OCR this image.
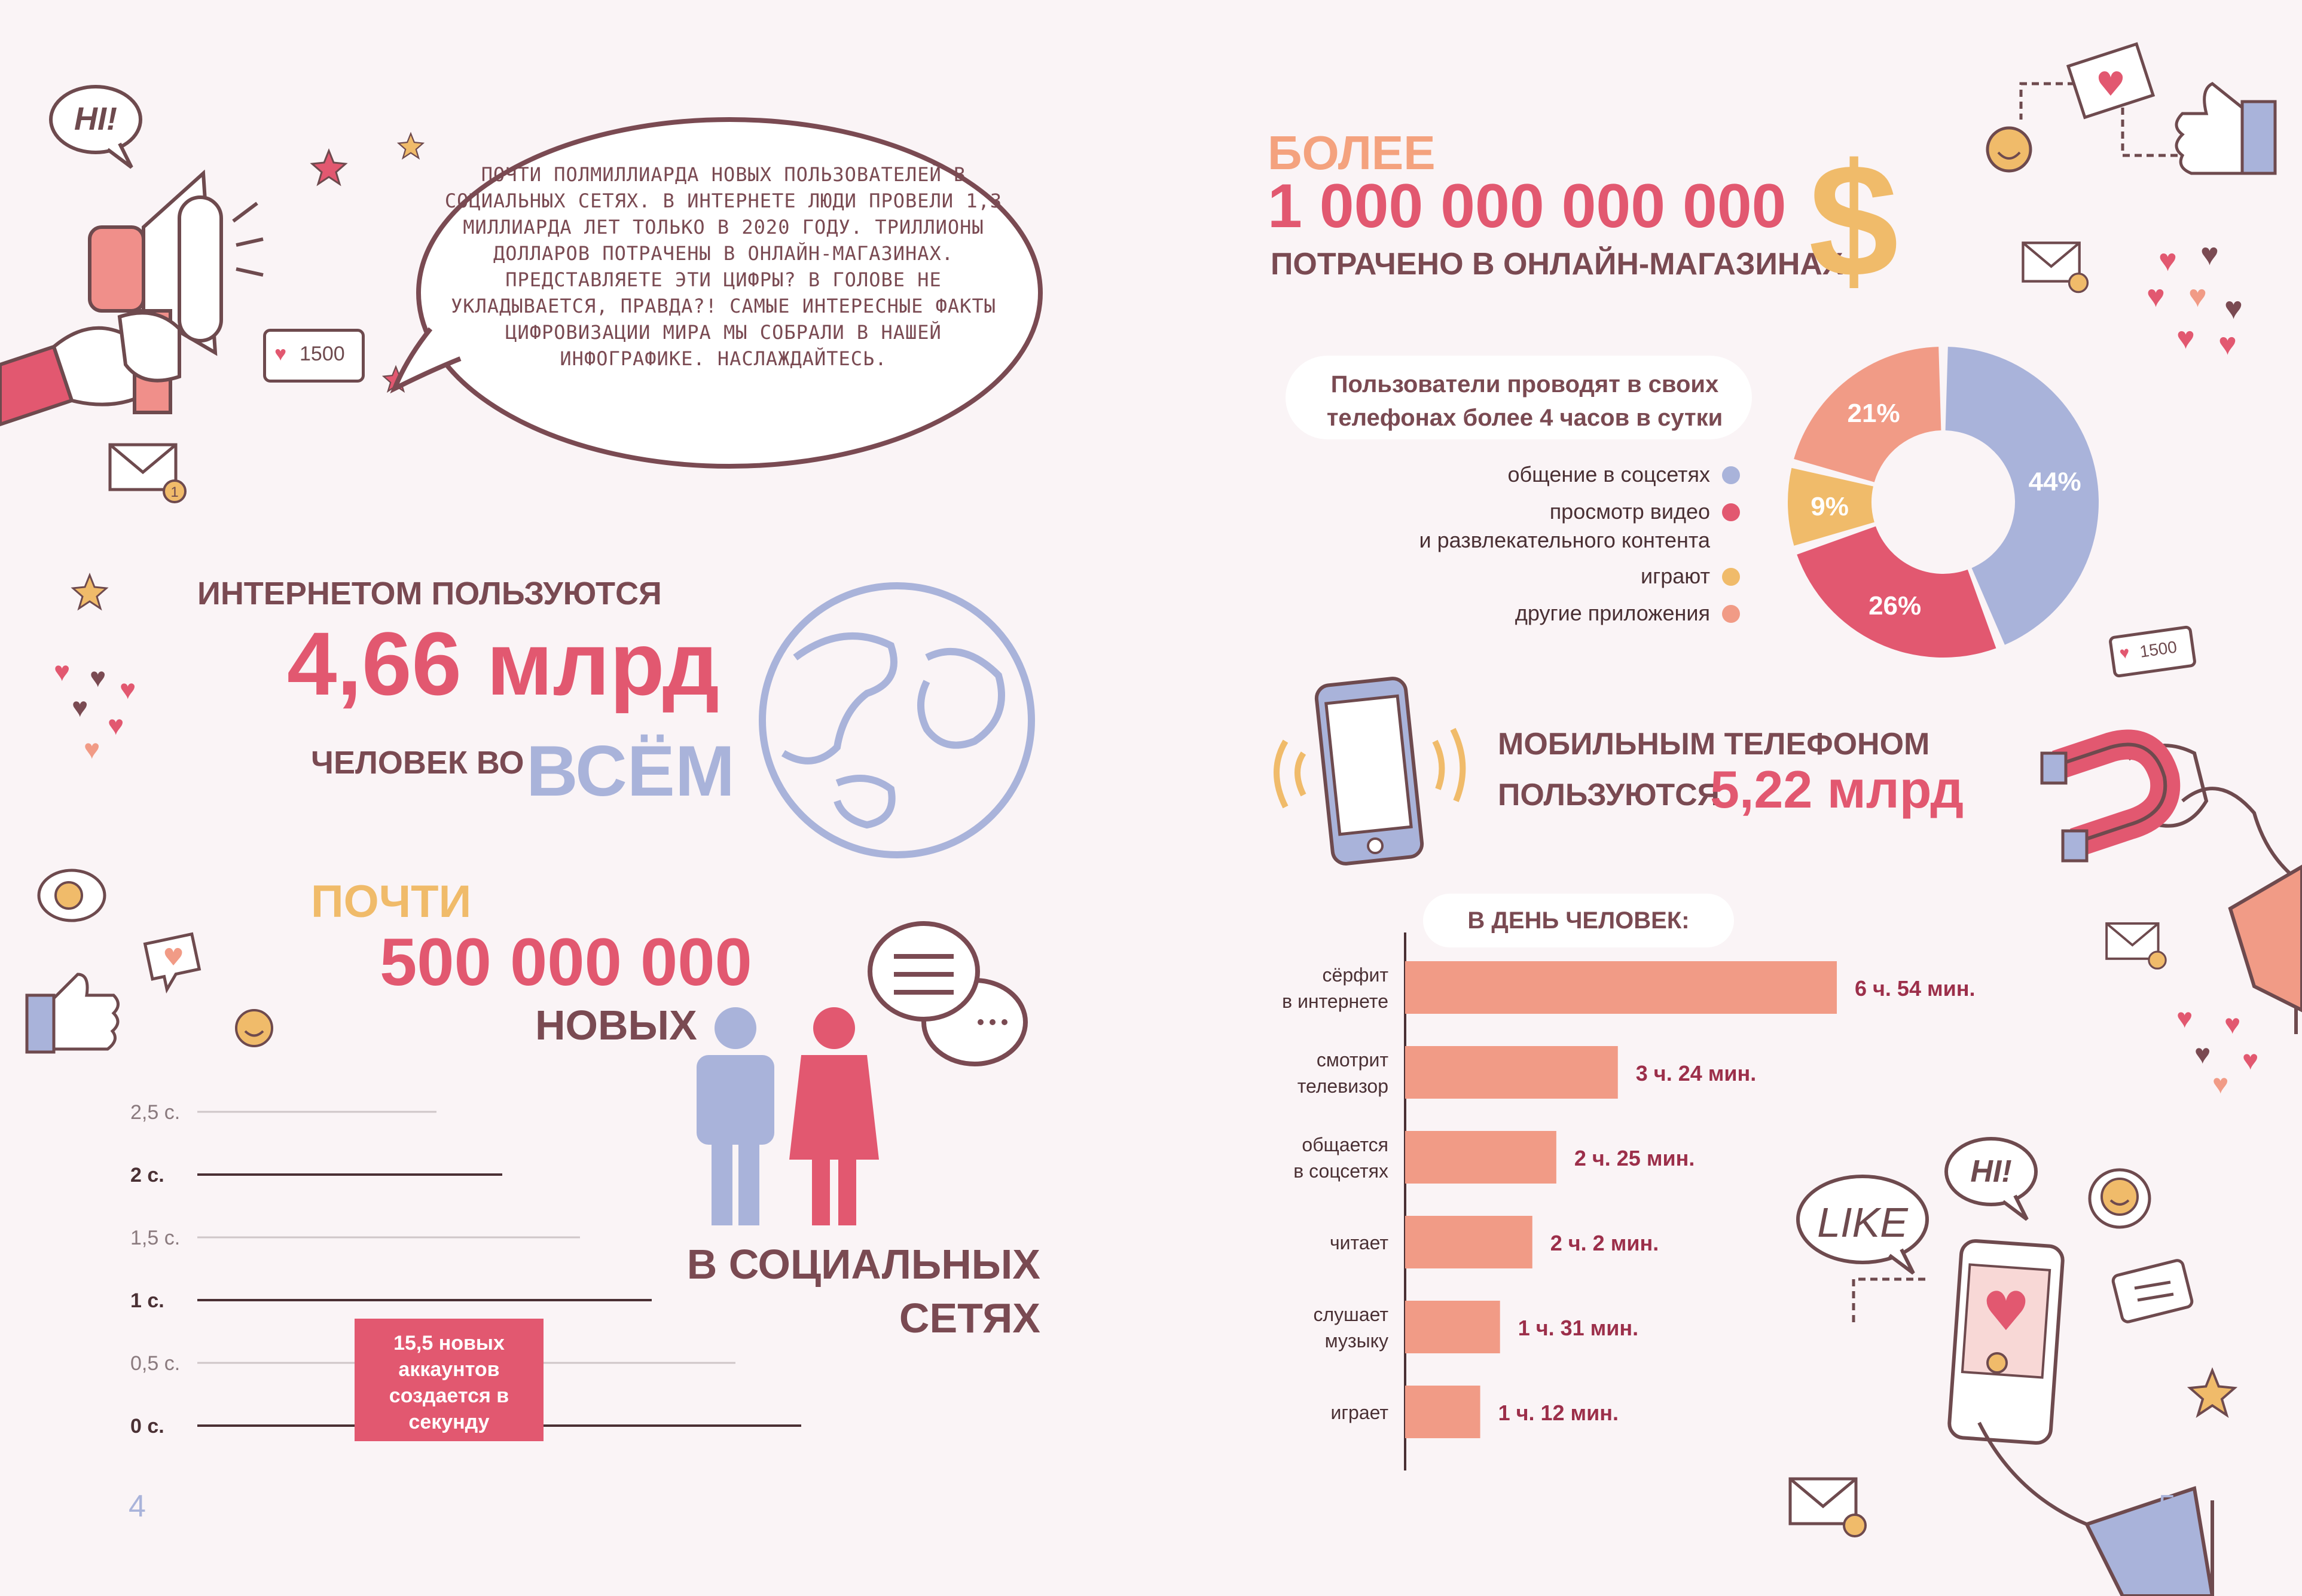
HI!
♥ 1500
1
ПОЧТИ ПОЛМИЛЛИАРДА НОВЫХ ПОЛЬЗОВАТЕЛЕЙ В СОЦИАЛЬНЫХ СЕТЯХ. В ИНТЕРНЕТЕ ЛЮДИ ПРОВЕЛИ 1,3 МИЛЛИАРДА ЛЕТ ТОЛЬКО В 2020 ГОДУ. ТРИЛЛИОНЫ ДОЛЛАРОВ ПОТРАЧЕНЫ В ОНЛАЙН-МАГАЗИНАХ. ПРЕДСТАВЛЯЕТЕ ЭТИ ЦИФРЫ? В ГОЛОВЕ НЕ УКЛАДЫВАЕТСЯ, ПРАВДА?! САМЫЕ ИНТЕРЕСНЫЕ ФАКТЫ ЦИФРОВИЗАЦИИ МИРА МЫ СОБРАЛИ В НАШЕЙ ИНФОГРАФИКЕ. НАСЛАЖДАЙТЕСЬ.
ИНТЕРНЕТОМ ПОЛЬЗУЮТСЯ
4,66 млрд
ЧЕЛОВЕК ВО ВСЁМ
♥ ♥ ♥
♥
♥
♥
♥
ПОЧТИ
500 000 000
НОВЫХ
В СОЦИАЛЬНЫХ
СЕТЯХ
2,5 с.
2 с.
1,5 с.
1 с.
0,5 с.
0 с.
15,5 новых аккаунтов создается в секунду
4
БОЛЕЕ
1 000 000 000 000
ПОТРАЧЕНО В ОНЛАЙН-МАГАЗИНАХ
$
Пользователи проводят в своих телефонах более 4 часов в сутки
общение в соцсетях
просмотр видео
и развлекательного контента
играют
другие приложения
44%
26%
9%
21%
♥
♥ ♥
♥ ♥ ♥
♥ ♥
♥ 1500
МОБИЛЬНЫМ ТЕЛЕФОНОМ
ПОЛЬЗУЮТСЯ
5,22 млрд
♥ ♥
♥ ♥
♥
В ДЕНЬ ЧЕЛОВЕК:
6 ч. 54 мин.
сёрфит
в интернете
3 ч. 24 мин.
смотрит
телевизор
2 ч. 25 мин.
общается
в соцсетях
2 ч. 2 мин.
читает
1 ч. 31 мин.
слушает
музыку
1 ч. 12 мин.
играет
♥
LIKE
HI!
5
